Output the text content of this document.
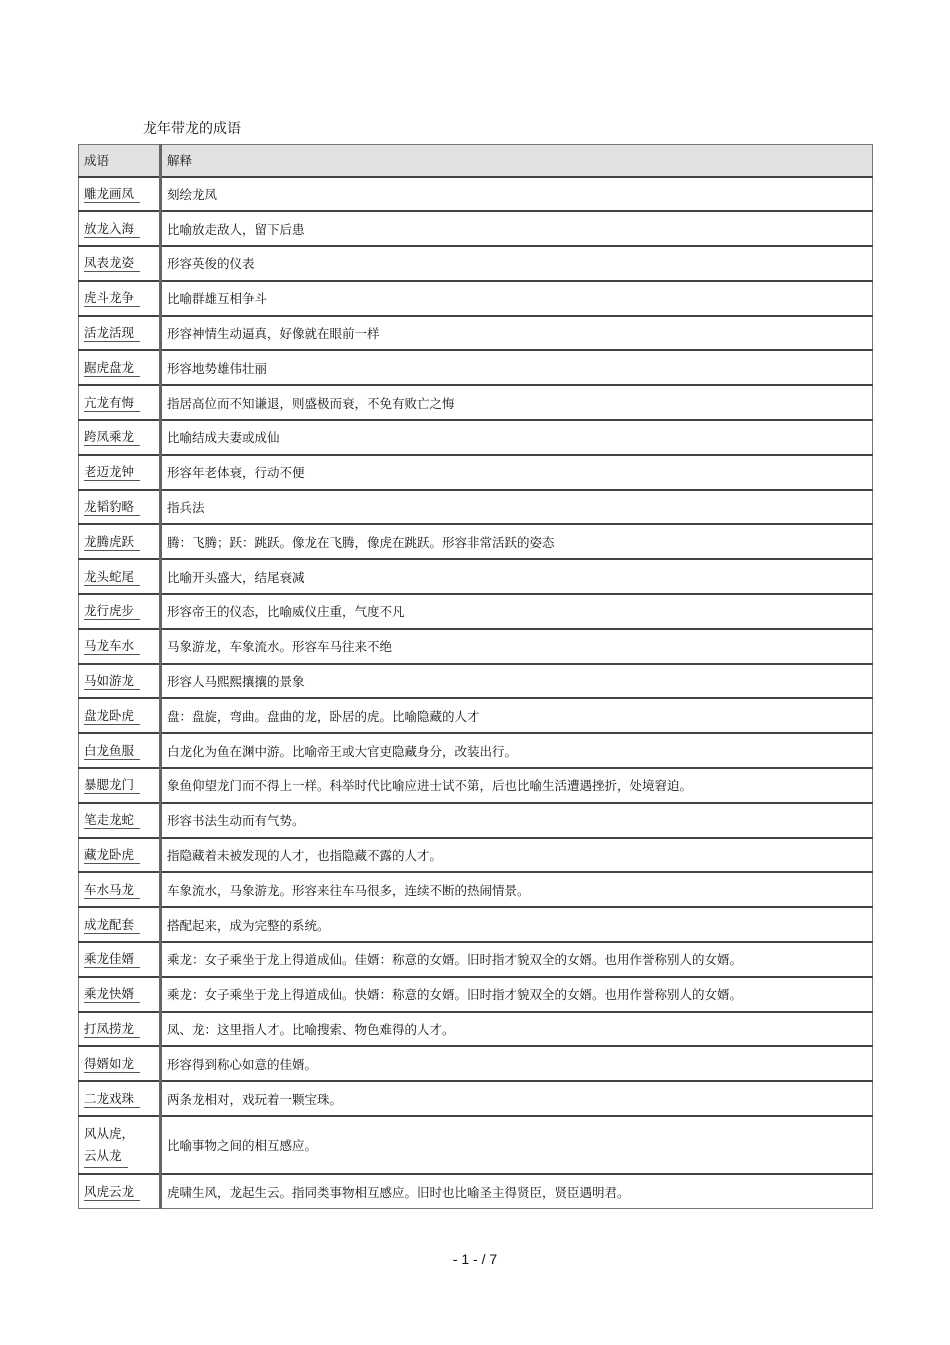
龙年带龙的成语
成语	解释
雕龙画凤	刻绘龙凤
放龙入海	比喻放走敌人，留下后患
凤表龙姿	形容英俊的仪表
虎斗龙争	比喻群雄互相争斗
活龙活现	形容神情生动逼真，好像就在眼前一样
踞虎盘龙	形容地势雄伟壮丽
亢龙有悔	指居高位而不知谦退，则盛极而衰，不免有败亡之悔
跨凤乘龙	比喻结成夫妻或成仙
老迈龙钟	形容年老体衰，行动不便
龙韬豹略	指兵法
龙腾虎跃	腾：飞腾；跃：跳跃。像龙在飞腾，像虎在跳跃。形容非常活跃的姿态
龙头蛇尾	比喻开头盛大，结尾衰减
龙行虎步	形容帝王的仪态，比喻威仪庄重，气度不凡
马龙车水	马象游龙，车象流水。形容车马往来不绝
马如游龙	形容人马熙熙攘攘的景象
盘龙卧虎	盘：盘旋，弯曲。盘曲的龙，卧居的虎。比喻隐藏的人才
白龙鱼服	白龙化为鱼在渊中游。比喻帝王或大官吏隐藏身分，改装出行。
暴腮龙门	象鱼仰望龙门而不得上一样。科举时代比喻应进士试不第，后也比喻生活遭遇挫折，处境窘迫。
笔走龙蛇	形容书法生动而有气势。
藏龙卧虎	指隐藏着未被发现的人才，也指隐藏不露的人才。
车水马龙	车象流水，马象游龙。形容来往车马很多，连续不断的热闹情景。
成龙配套	搭配起来，成为完整的系统。
乘龙佳婿	乘龙：女子乘坐于龙上得道成仙。佳婿：称意的女婿。旧时指才貌双全的女婿。也用作誉称别人的女婿。
乘龙快婿	乘龙：女子乘坐于龙上得道成仙。快婿：称意的女婿。旧时指才貌双全的女婿。也用作誉称别人的女婿。
打凤捞龙	凤、龙：这里指人才。比喻搜索、物色难得的人才。
得婿如龙	形容得到称心如意的佳婿。
二龙戏珠	两条龙相对，戏玩着一颗宝珠。

风从虎，云从龙	比喻事物之间的相互感应。
风虎云龙	虎啸生风，龙起生云。指同类事物相互感应。旧时也比喻圣主得贤臣，贤臣遇明君。
- 1 - / 7
